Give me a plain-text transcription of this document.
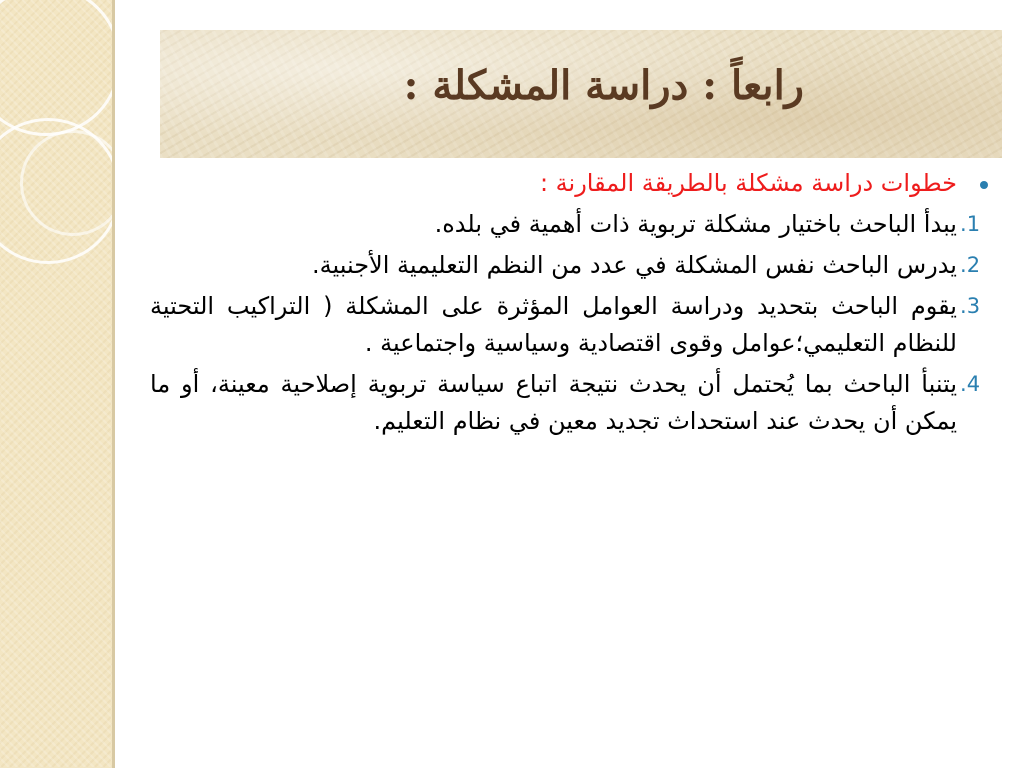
رابعاً : دراسة المشكلة :
خطوات دراسة مشكلة بالطريقة المقارنة :
1.
يبدأ الباحث باختيار مشكلة تربوية ذات أهمية في بلده.
2.
يدرس الباحث نفس المشكلة في عدد من النظم التعليمية الأجنبية.
3.
يقوم الباحث بتحديد ودراسة العوامل المؤثرة على المشكلة ( التراكيب التحتية للنظام التعليمي؛عوامل وقوى اقتصادية وسياسية واجتماعية .
4.
يتنبأ الباحث بما يُحتمل أن يحدث نتيجة اتباع سياسة تربوية إصلاحية معينة، أو ما يمكن أن يحدث عند استحداث تجديد معين في نظام التعليم.
